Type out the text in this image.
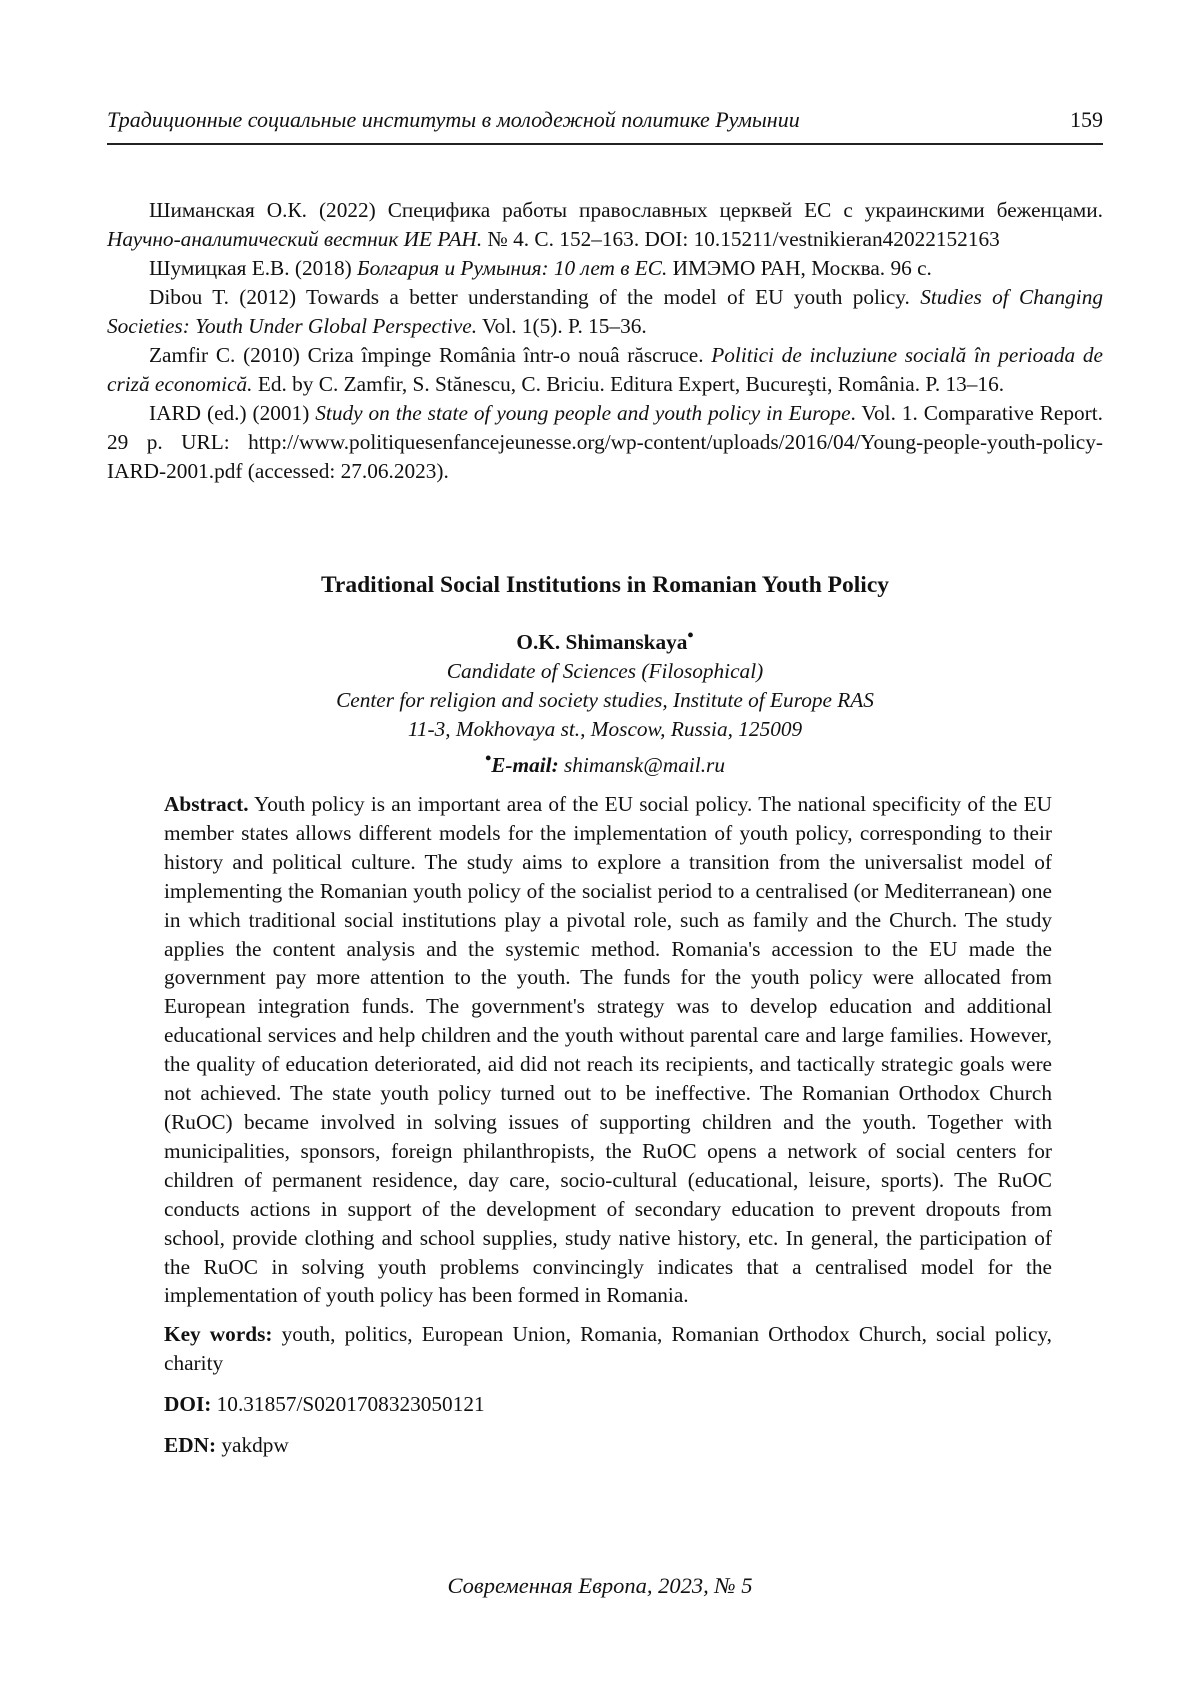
Традиционные социальные институты в молодежной политике Румынии	159

Шиманская О.К. (2022) Специфика работы православных церквей ЕС с украинскими беженцами. Научно-аналитический вестник ИЕ РАН. № 4. С. 152–163. DOI: 10.15211/vestnikieran42022152163

Шумицкая Е.В. (2018) Болгария и Румыния: 10 лет в ЕС. ИМЭМО РАН, Москва. 96 с.

Dibou T. (2012) Towards a better understanding of the model of EU youth policy. Studies of Changing Societies: Youth Under Global Perspective. Vol. 1(5). P. 15–36.

Zamfir C. (2010) Criza împinge România într-o nouâ răscruce. Politici de incluziune socială în perioada de criză economică. Ed. by C. Zamfir, S. Stănescu, C. Briciu. Editura Expert, Bucureşti, România. P. 13–16.

IARD (ed.) (2001) Study on the state of young people and youth policy in Europe. Vol. 1. Comparative Report. 29 p. URL: http://www.politiquesenfancejeunesse.org/wp-content/uploads/2016/04/Young-people-youth-policy-IARD-2001.pdf (accessed: 27.06.2023).

Traditional Social Institutions in Romanian Youth Policy
O.K. Shimanskaya•
Candidate of Sciences (Filosophical)
Center for religion and society studies, Institute of Europe RAS
11-3, Mokhovaya st., Moscow, Russia, 125009
•E-mail: shimansk@mail.ru

Abstract. Youth policy is an important area of the EU social policy. The national specificity of the EU member states allows different models for the implementation of youth policy, corresponding to their history and political culture. The study aims to explore a transition from the universalist model of implementing the Romanian youth policy of the socialist period to a centralised (or Mediterranean) one in which traditional social institutions play a pivotal role, such as family and the Church. The study applies the content analysis and the systemic method. Romania's accession to the EU made the government pay more attention to the youth. The funds for the youth policy were allocated from European integration funds. The government's strategy was to develop education and additional educational services and help children and the youth without parental care and large families. However, the quality of education deteriorated, aid did not reach its recipients, and tactically strategic goals were not achieved. The state youth policy turned out to be ineffective. The Romanian Orthodox Church (RuOC) became involved in solving issues of supporting children and the youth. Together with municipalities, sponsors, foreign philanthropists, the RuOC opens a network of social centers for children of permanent residence, day care, socio-cultural (educational, leisure, sports). The RuOC conducts actions in support of the development of secondary education to prevent dropouts from school, provide clothing and school supplies, study native history, etc. In general, the participation of the RuOC in solving youth problems convincingly indicates that a centralised model for the implementation of youth policy has been formed in Romania.

Key words: youth, politics, European Union, Romania, Romanian Orthodox Church, social policy, charity

DOI: 10.31857/S0201708323050121

EDN: yakdpw

Современная Европа, 2023, № 5
